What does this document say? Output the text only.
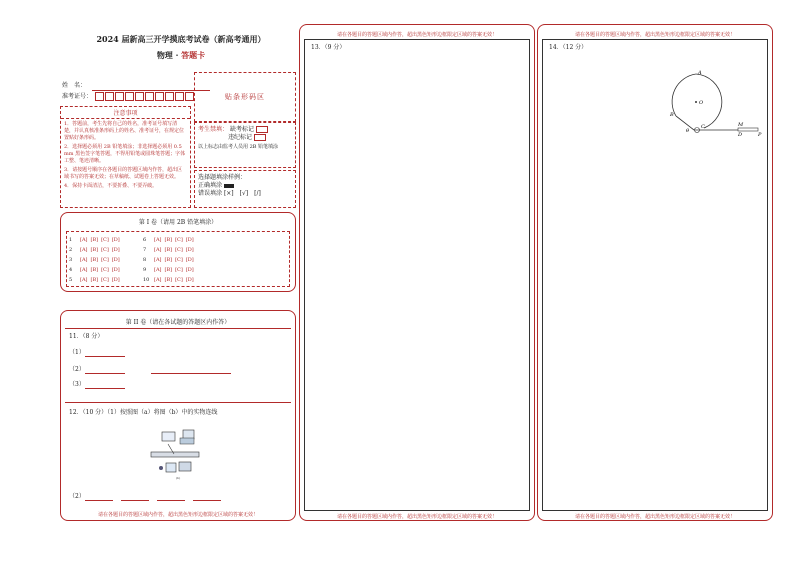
2024 届新高三开学摸底考试卷（新高考通用）
物理 · 答题卡
姓　名：
准考证号：	贴条形码区
注意事项
1．答题前，考生先将自己的姓名，准考证号填写清楚，并认真核准条形码上的姓名、准考证号，在规定位置贴好条形码。
2．选择题必须用 2B 铅笔填涂；非选择题必须用 0.5 mm 黑色签字笔答题，不得用铅笔或圆珠笔答题；字体工整、笔迹清晰。
3．请按题号顺序在各题目的答题区域内作答，超出区域书写的答案无效；在草稿纸、试题卷上答题无效。
4．保持卡面清洁，不要折叠、不要弄破。
考生禁填： 缺考标记
违纪标记
以上标志由监考人员用 2B 铅笔填涂
选择题填涂样例：
正确填涂
错误填涂 [×]　[√]　[/]
第 I 卷（请用 2B 铅笔填涂）
1 [A] [B] [C] [D]
2 [A] [B] [C] [D]
3 [A] [B] [C] [D]
4 [A] [B] [C] [D]
5 [A] [B] [C] [D]
6 [A] [B] [C] [D]
7 [A] [B] [C] [D]
8 [A] [B] [C] [D]
9 [A] [B] [C] [D]
10 [A] [B] [C] [D]
第 II 卷（请在各试题的答题区内作答）
11．（8 分）
（1）
（2）
（3）
12．（10 分）（1）按照图（a）将图（b）中的实物连线
(b)
（2）
请在各题目的答题区域内作答，超出黑色矩形边框限定区域的答案无效！
请在各题目的答题区域内作答，超出黑色矩形边框限定区域的答案无效！
13．（9 分）
请在各题目的答题区域内作答，超出黑色矩形边框限定区域的答案无效！
请在各题目的答题区域内作答，超出黑色矩形边框限定区域的答案无效！
14．（12 分）
A
O
B
C
D
M
P
θ
请在各题目的答题区域内作答，超出黑色矩形边框限定区域的答案无效！
